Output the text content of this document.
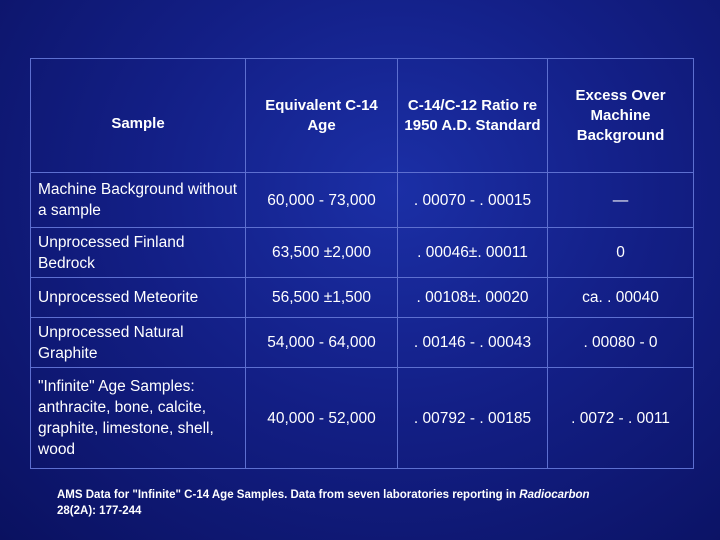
Sample	Equivalent C-14 Age	C-14/C-12 Ratio re 1950 A.D. Standard	Excess Over Machine Background
Machine Background without a sample	60,000 - 73,000	. 00070 - . 00015	—
Unprocessed Finland Bedrock	63,500 ±2,000	. 00046±. 00011	0
Unprocessed Meteorite	56,500 ±1,500	. 00108±. 00020	ca. . 00040
Unprocessed Natural Graphite	54,000 - 64,000	. 00146 - . 00043	. 00080 - 0
"Infinite" Age Samples: anthracite, bone, calcite, graphite, limestone, shell, wood	40,000 - 52,000	. 00792 - . 00185	. 0072 - . 0011
AMS Data for "Infinite" C-14 Age Samples. Data from seven laboratories reporting in Radiocarbon 28(2A): 177-244
